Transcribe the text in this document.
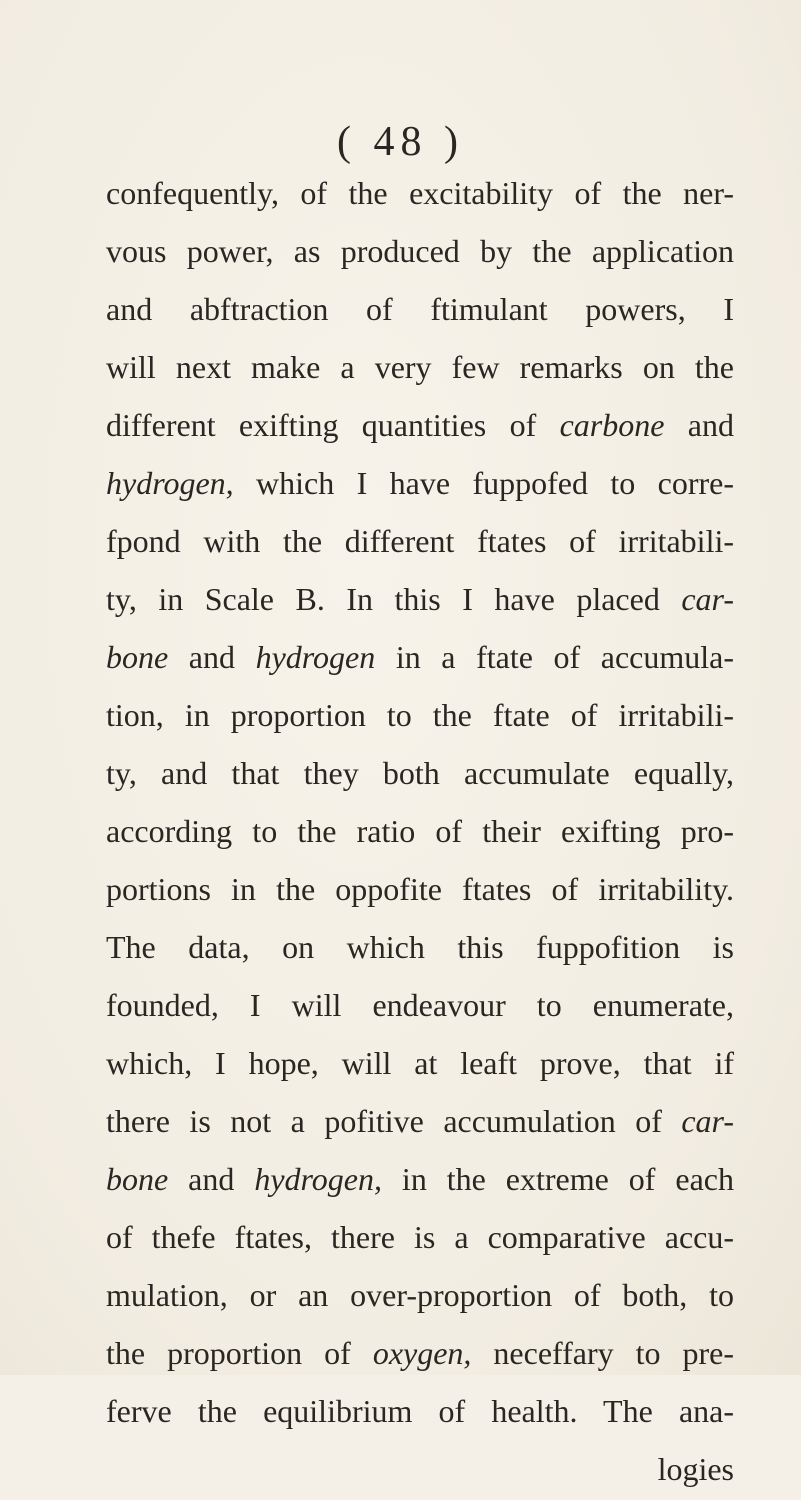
( 48 )
confequently, of the excitability of the ner-
vous power, as produced by the application
and abftraction of ftimulant powers, I
will next make a very few remarks on the
different exifting quantities of carbone and
hydrogen, which I have fuppofed to corre-
fpond with the different ftates of irritabili-
ty, in Scale B. In this I have placed car-
bone and hydrogen in a ftate of accumula-
tion, in proportion to the ftate of irritabili-
ty, and that they both accumulate equally,
according to the ratio of their exifting pro-
portions in the oppofite ftates of irritability.
The data, on which this fuppofition is
founded, I will endeavour to enumerate,
which, I hope, will at leaft prove, that if
there is not a pofitive accumulation of car-
bone and hydrogen, in the extreme of each
of thefe ftates, there is a comparative accu-
mulation, or an over-proportion of both, to
the proportion of oxygen, neceffary to pre-
ferve the equilibrium of health. The ana-
logies
